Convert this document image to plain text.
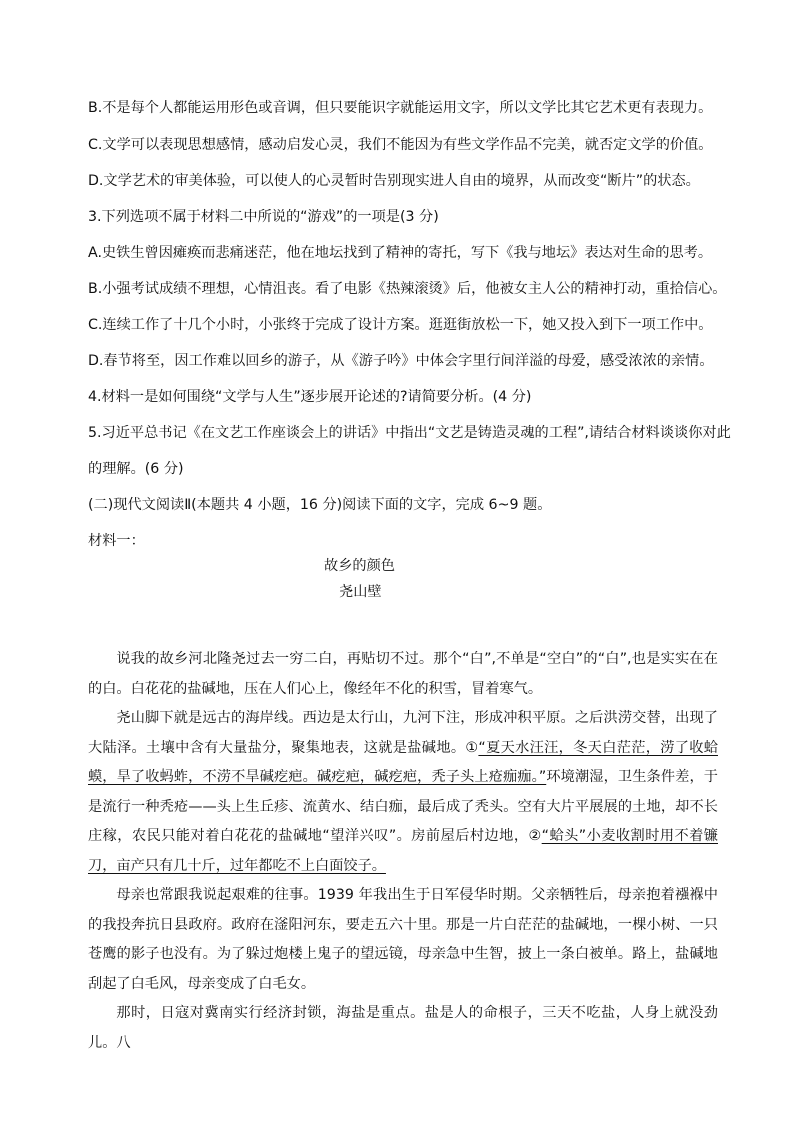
B.不是每个人都能运用形色或音调，但只要能识字就能运用文字，所以文学比其它艺术更有表现力。
C.文学可以表现思想感情，感动启发心灵，我们不能因为有些文学作品不完美，就否定文学的价值。
D.文学艺术的审美体验，可以使人的心灵暂时告别现实进人自由的境界，从而改变“断片”的状态。
3.下列选项不属于材料二中所说的“游戏”的一项是(3 分)
A.史铁生曾因瘫痪而悲痛迷茫，他在地坛找到了精神的寄托，写下《我与地坛》表达对生命的思考。
B.小强考试成绩不理想，心情沮丧。看了电影《热辣滚烫》后，他被女主人公的精神打动，重拾信心。
C.连续工作了十几个小时，小张终于完成了设计方案。逛逛街放松一下，她又投入到下一项工作中。
D.春节将至，因工作难以回乡的游子，从《游子吟》中体会字里行间洋溢的母爱，感受浓浓的亲情。
4.材料一是如何围绕“文学与人生”逐步展开论述的?请简要分析。(4 分)
5.习近平总书记《在文艺工作座谈会上的讲话》中指出“文艺是铸造灵魂的工程”,请结合材料谈谈你对此
的理解。(6 分)
(二)现代文阅读Ⅱ(本题共 4 小题，16 分)阅读下面的文字，完成 6~9 题。
材料一：
故乡的颜色
尧山壁

说我的故乡河北隆尧过去一穷二白，再贴切不过。那个“白”,不单是“空白”的“白”,也是实实在在的白。白花花的盐碱地，压在人们心上，像经年不化的积雪，冒着寒气。

尧山脚下就是远古的海岸线。西边是太行山，九河下注，形成冲积平原。之后洪涝交替，出现了大陆泽。土壤中含有大量盐分，聚集地表，这就是盐碱地。①“夏天水汪汪，冬天白茫茫，涝了收蛤蟆，旱了收蚂蚱，不涝不旱碱疙疤。碱疙疤，碱疙疤，秃子头上疮痂痂。”环境潮湿，卫生条件差，于是流行一种秃疮——头上生丘疹、流黄水、结白痂，最后成了秃头。空有大片平展展的土地，却不长庄稼，农民只能对着白花花的盐碱地“望洋兴叹”。房前屋后村边地，②“蛤头”小麦收割时用不着镰刀，亩产只有几十斤，过年都吃不上白面饺子。

母亲也常跟我说起艰难的往事。1939 年我出生于日军侵华时期。父亲牺牲后，母亲抱着襁褓中的我投奔抗日县政府。政府在滏阳河东，要走五六十里。那是一片白茫茫的盐碱地，一棵小树、一只苍鹰的影子也没有。为了躲过炮楼上鬼子的望远镜，母亲急中生智，披上一条白被单。路上，盐碱地刮起了白毛风，母亲变成了白毛女。

那时，日寇对冀南实行经济封锁，海盐是重点。盐是人的命根子，三天不吃盐，人身上就没劲儿。八
